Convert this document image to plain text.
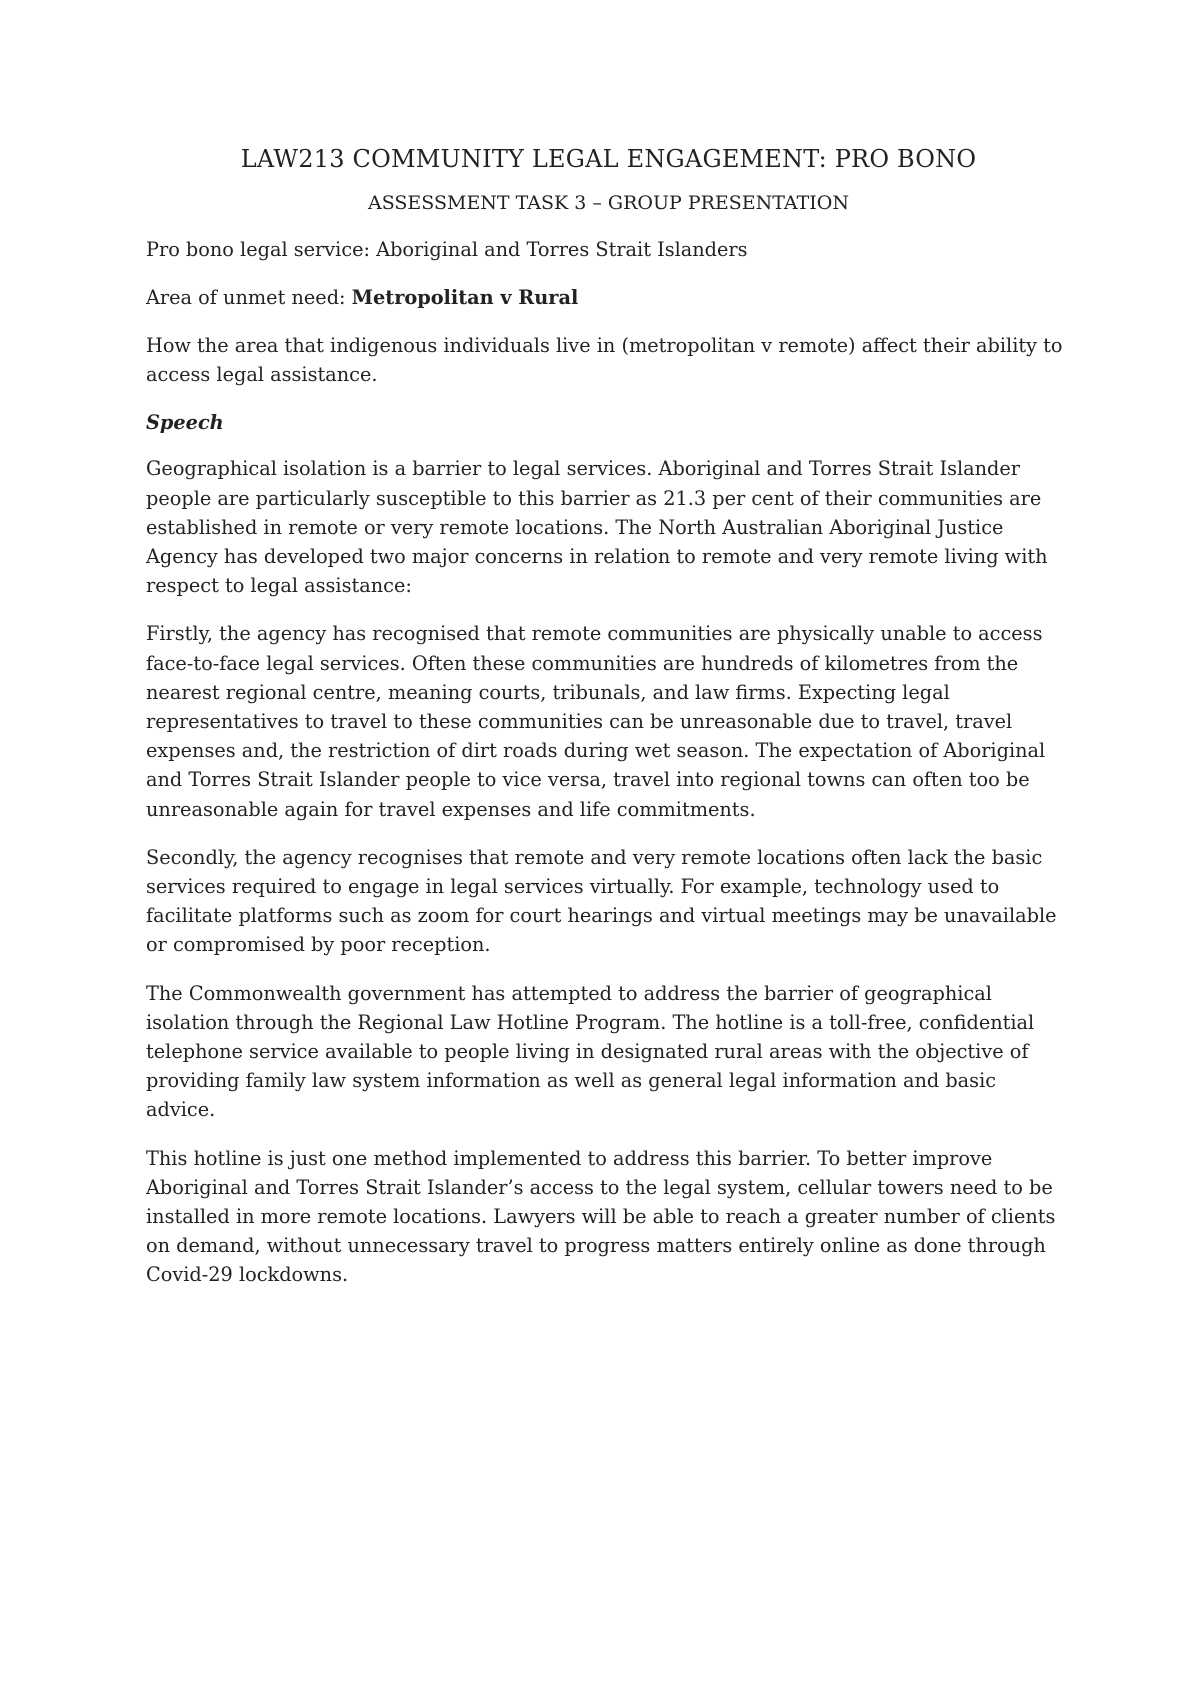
LAW213 COMMUNITY LEGAL ENGAGEMENT: PRO BONO
ASSESSMENT TASK 3 – GROUP PRESENTATION
Pro bono legal service: Aboriginal and Torres Strait Islanders
Area of unmet need: Metropolitan v Rural

How the area that indigenous individuals live in (metropolitan v remote) affect their ability to access legal assistance.

Speech

Geographical isolation is a barrier to legal services. Aboriginal and Torres Strait Islander people are particularly susceptible to this barrier as 21.3 per cent of their communities are established in remote or very remote locations. The North Australian Aboriginal Justice Agency has developed two major concerns in relation to remote and very remote living with respect to legal assistance:

Firstly, the agency has recognised that remote communities are physically unable to access face-to-face legal services. Often these communities are hundreds of kilometres from the nearest regional centre, meaning courts, tribunals, and law firms. Expecting legal representatives to travel to these communities can be unreasonable due to travel, travel expenses and, the restriction of dirt roads during wet season. The expectation of Aboriginal and Torres Strait Islander people to vice versa, travel into regional towns can often too be unreasonable again for travel expenses and life commitments.

Secondly, the agency recognises that remote and very remote locations often lack the basic services required to engage in legal services virtually. For example, technology used to facilitate platforms such as zoom for court hearings and virtual meetings may be unavailable or compromised by poor reception.

The Commonwealth government has attempted to address the barrier of geographical isolation through the Regional Law Hotline Program. The hotline is a toll-free, confidential telephone service available to people living in designated rural areas with the objective of providing family law system information as well as general legal information and basic advice.

This hotline is just one method implemented to address this barrier. To better improve Aboriginal and Torres Strait Islander’s access to the legal system, cellular towers need to be installed in more remote locations. Lawyers will be able to reach a greater number of clients on demand, without unnecessary travel to progress matters entirely online as done through Covid-29 lockdowns.
